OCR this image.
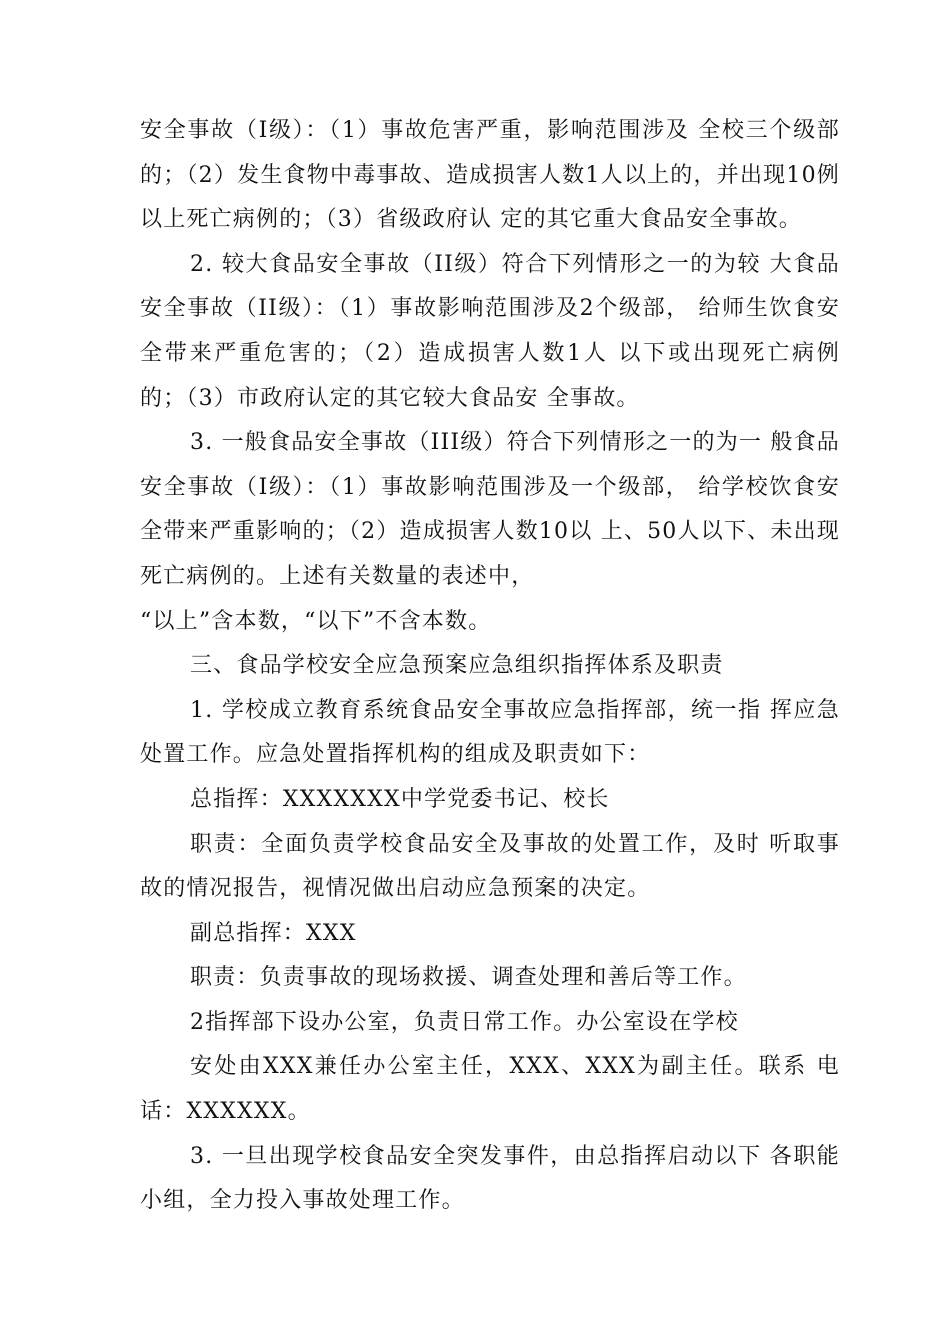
安全事故（I级）：（1）事故危害严重，影响范围涉及 全校三个级部的；（2）发生食物中毒事故、造成损害人数1人以上的，并出现10例以上死亡病例的；（3）省级政府认 定的其它重大食品安全事故。

2. 较大食品安全事故（II级）符合下列情形之一的为较 大食品安全事故（II级）：（1）事故影响范围涉及2个级部， 给师生饮食安全带来严重危害的；（2）造成损害人数1人 以下或出现死亡病例的；（3）市政府认定的其它较大食品安 全事故。

3. 一般食品安全事故（III级）符合下列情形之一的为一 般食品安全事故（I级）：（1）事故影响范围涉及一个级部， 给学校饮食安全带来严重影响的；（2）造成损害人数10以 上、50人以下、未出现死亡病例的。上述有关数量的表述中，

“以上”含本数，“以下”不含本数。

三、食品学校安全应急预案应急组织指挥体系及职责

1. 学校成立教育系统食品安全事故应急指挥部，统一指 挥应急处置工作。应急处置指挥机构的组成及职责如下：

总指挥：XXXXXXX中学党委书记、校长

职责：全面负责学校食品安全及事故的处置工作，及时 听取事故的情况报告，视情况做出启动应急预案的决定。

副总指挥：XXX

职责：负责事故的现场救援、调查处理和善后等工作。

2指挥部下设办公室，负责日常工作。办公室设在学校

安处由XXX兼任办公室主任，XXX、XXX为副主任。联系 电话：XXXXXX。

3. 一旦出现学校食品安全突发事件，由总指挥启动以下 各职能小组，全力投入事故处理工作。
